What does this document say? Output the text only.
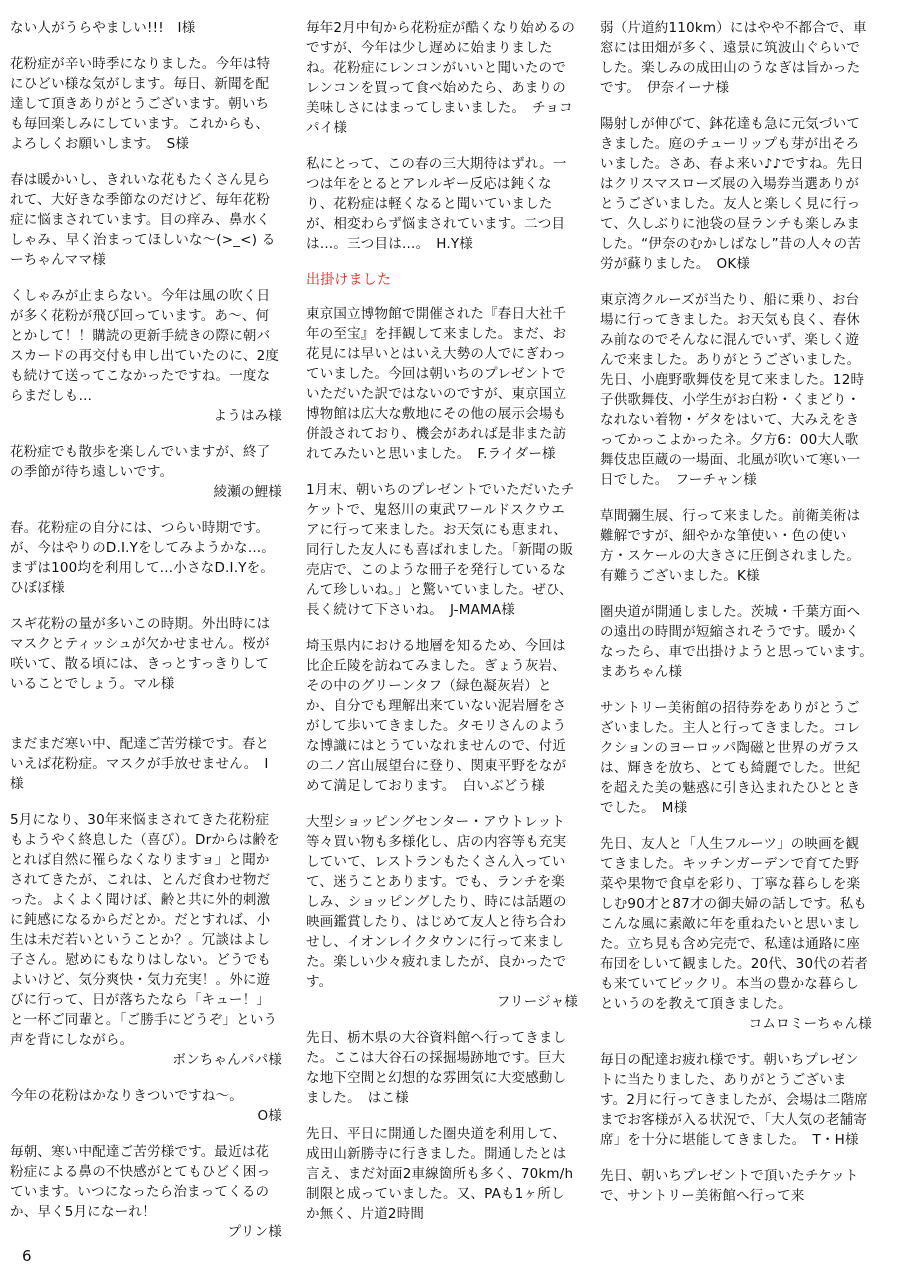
ない人がうらやましい!!!　I様
花粉症が辛い時季になりました。今年は特にひどい様な気がします。毎日、新聞を配達して頂きありがとうございます。朝いちも毎回楽しみにしています。これからも、よろしくお願いします。　S様
春は暖かいし、きれいな花もたくさん見られて、大好きな季節なのだけど、毎年花粉症に悩まされています。目の痒み、鼻水くしゃみ、早く治まってほしいな〜(>_<) るーちゃんママ様
くしゃみが止まらない。今年は風の吹く日が多く花粉が飛び回っています。あ〜、何とかして！！購読の更新手続きの際に朝バスカードの再交付も申し出ていたのに、2度も続けて送ってこなかったですね。一度ならまだしも…
ようはみ様
花粉症でも散歩を楽しんでいますが、終了の季節が待ち遠しいです。
綾瀬の鯉様
春。花粉症の自分には、つらい時期です。が、今はやりのD.I.Yをしてみようかな…。まずは100均を利用して…小さなD.I.Yを。　ひぼぼ様
スギ花粉の量が多いこの時期。外出時にはマスクとティッシュが欠かせません。桜が咲いて、散る頃には、きっとすっきりしていることでしょう。マル様
まだまだ寒い中、配達ご苦労様です。春といえば花粉症。マスクが手放せません。　I様
5月になり、30年来悩まされてきた花粉症もようやく終息した（喜び）。Drからは齢をとれば自然に罹らなくなりますョ」と聞かされてきたが、これは、とんだ食わせ物だった。よくよく聞けば、齢と共に外的刺激に鈍感になるからだとか。だとすれば、小生は未だ若いということか？。冗談はよし子さん。慰めにもなりはしない。どうでもよいけど、気分爽快・気力充実！。外に遊びに行って、日が落ちたなら「キュー！」と一杯ご同輩と。「ご勝手にどうぞ」という声を背にしながら。
ボンちゃんパパ様
今年の花粉はかなりきついですね〜。
O様
毎朝、寒い中配達ご苦労様です。最近は花粉症による鼻の不快感がとてもひどく困っています。いつになったら治まってくるのか、早く5月になーれ！
プリン様
毎年2月中旬から花粉症が酷くなり始めるのですが、今年は少し遅めに始まりましたね。花粉症にレンコンがいいと聞いたのでレンコンを買って食べ始めたら、あまりの美味しさにはまってしまいました。　チョコパイ様
私にとって、この春の三大期待はずれ。一つは年をとるとアレルギー反応は鈍くなり、花粉症は軽くなると聞いていましたが、相変わらず悩まされています。二つ目は…。三つ目は…。　H.Y様
出掛けました
東京国立博物館で開催された『春日大社千年の至宝』を拝観して来ました。まだ、お花見には早いとはいえ大勢の人でにぎわっていました。今回は朝いちのプレゼントでいただいた訳ではないのですが、東京国立博物館は広大な敷地にその他の展示会場も併設されており、機会があれば是非また訪れてみたいと思いました。　F.ライダー様
1月末、朝いちのプレゼントでいただいたチケットで、鬼怒川の東武ワールドスクウエアに行って来ました。お天気にも恵まれ、同行した友人にも喜ばれました。「新聞の販売店で、このような冊子を発行しているなんて珍しいね。」と驚いていました。ぜひ、長く続けて下さいね。　J-MAMA様
埼玉県内における地層を知るため、今回は比企丘陵を訪ねてみました。ぎょう灰岩、その中のグリーンタフ（緑色凝灰岩）とか、自分でも理解出来ていない泥岩層をさがして歩いてきました。タモリさんのような博識にはとうていなれませんので、付近の二ノ宮山展望台に登り、関東平野をながめて満足しております。　白いぶどう様
大型ショッピングセンター・アウトレット等々買い物も多様化し、店の内容等も充実していて、レストランもたくさん入っていて、迷うことあります。でも、ランチを楽しみ、ショッピングしたり、時には話題の映画鑑賞したり、はじめて友人と待ち合わせし、イオンレイクタウンに行って来ました。楽しい少々疲れましたが、良かったです。
フリージャ様
先日、栃木県の大谷資料館へ行ってきました。ここは大谷石の採掘場跡地です。巨大な地下空間と幻想的な雰囲気に大変感動しました。　はこ様
先日、平日に開通した圏央道を利用して、成田山新勝寺に行きました。開通したとは言え、まだ対面2車線箇所も多く、70km/h制限と成っていました。又、PAも1ヶ所しか無く、片道2時間
弱（片道約110km）にはやや不都合で、車窓には田畑が多く、遠景に筑波山ぐらいでした。楽しみの成田山のうなぎは旨かったです。　伊奈イーナ様
陽射しが伸びて、鉢花達も急に元気づいてきました。庭のチューリップも芽が出そろいました。さあ、春よ来い♪♪ですね。先日はクリスマスローズ展の入場券当選ありがとうございました。友人と楽しく見に行って、久しぶりに池袋の昼ランチも楽しみました。“伊奈のむかしばなし”昔の人々の苦労が蘇りました。　OK様
東京湾クルーズが当たり、船に乗り、お台場に行ってきました。お天気も良く、春休み前なのでそんなに混んでいず、楽しく遊んで来ました。ありがとうございました。先日、小鹿野歌舞伎を見て来ました。12時子供歌舞伎、小学生がお白粉・くまどり・なれない着物・ゲタをはいて、大みえをきってかっこよかったネ。夕方6：00大人歌舞伎忠臣蔵の一場面、北風が吹いて寒い一日でした。　フーチャン様
草間彌生展、行って来ました。前衛美術は難解ですが、細やかな筆使い・色の使い方・スケールの大きさに圧倒されました。有難うございました。K様
圏央道が開通しました。茨城・千葉方面への遠出の時間が短縮されそうです。暖かくなったら、車で出掛けようと思っています。　まあちゃん様
サントリー美術館の招待券をありがとうございました。主人と行ってきました。コレクションのヨーロッパ陶磁と世界のガラスは、輝きを放ち、とても綺麗でした。世紀を超えた美の魅惑に引き込まれたひとときでした。　M様
先日、友人と「人生フルーツ」の映画を観てきました。キッチンガーデンで育てた野菜や果物で食卓を彩り、丁寧な暮らしを楽しむ90才と87才の御夫婦の話しです。私もこんな風に素敵に年を重ねたいと思いました。立ち見も含め完売で、私達は通路に座布団をしいて観ました。20代、30代の若者も来ていてビックリ。本当の豊かな暮らしというのを教えて頂きました。
コムロミーちゃん様
毎日の配達お疲れ様です。朝いちプレゼントに当たりました、ありがとうございます。2月に行ってきましたが、会場は二階席までお客様が入る状況で、「大人気の老舗寄席」を十分に堪能してきました。　T・H様
先日、朝いちプレゼントで頂いたチケットで、サントリー美術館へ行って来
6
